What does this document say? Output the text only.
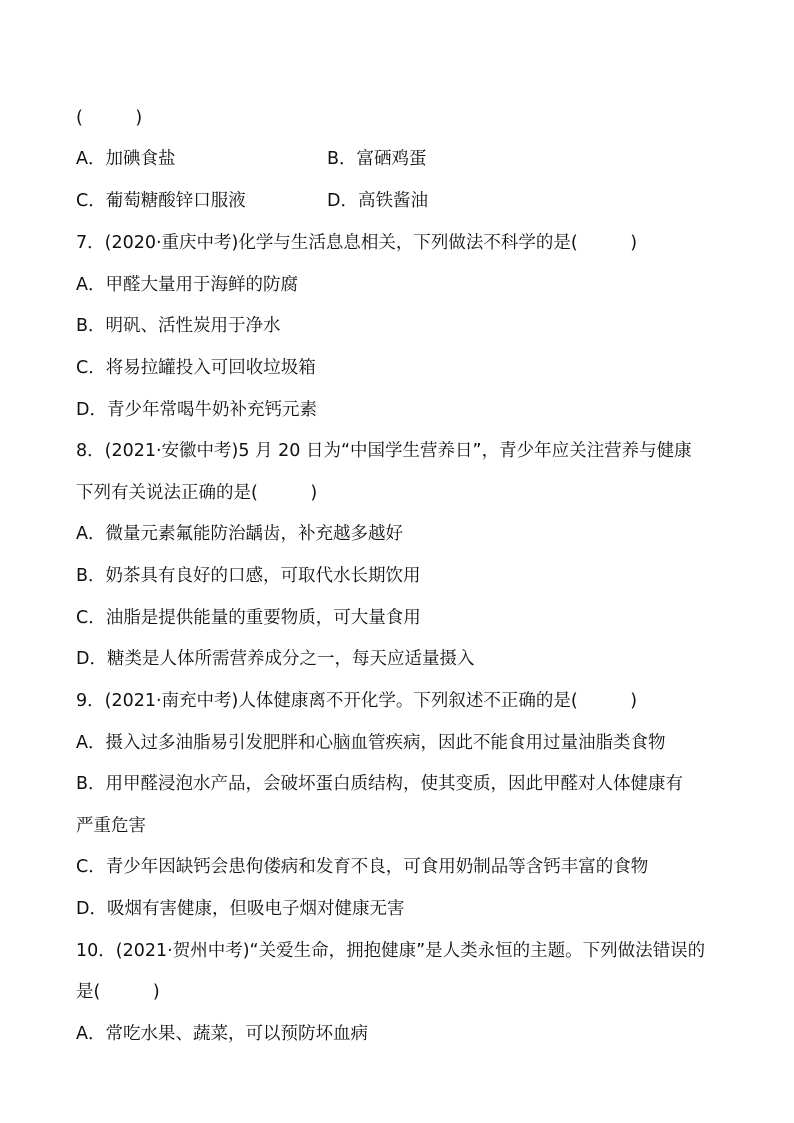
(　　　)
A．加碘食盐	B．富硒鸡蛋
C．葡萄糖酸锌口服液	D．高铁酱油
7．(2020·重庆中考)化学与生活息息相关，下列做法不科学的是(　　　)
A．甲醛大量用于海鲜的防腐
B．明矾、活性炭用于净水
C．将易拉罐投入可回收垃圾箱
D．青少年常喝牛奶补充钙元素
8．(2021·安徽中考)5 月 20 日为“中国学生营养日”，青少年应关注营养与健康
下列有关说法正确的是(　　　)
A．微量元素氟能防治龋齿，补充越多越好
B．奶茶具有良好的口感，可取代水长期饮用
C．油脂是提供能量的重要物质，可大量食用
D．糖类是人体所需营养成分之一，每天应适量摄入
9．(2021·南充中考)人体健康离不开化学。下列叙述不正确的是(　　　)
A．摄入过多油脂易引发肥胖和心脑血管疾病，因此不能食用过量油脂类食物
B．用甲醛浸泡水产品，会破坏蛋白质结构，使其变质，因此甲醛对人体健康有
严重危害
C．青少年因缺钙会患佝偻病和发育不良，可食用奶制品等含钙丰富的食物
D．吸烟有害健康，但吸电子烟对健康无害
10．(2021·贺州中考)“关爱生命，拥抱健康”是人类永恒的主题。下列做法错误的
是(　　　)
A．常吃水果、蔬菜，可以预防坏血病
